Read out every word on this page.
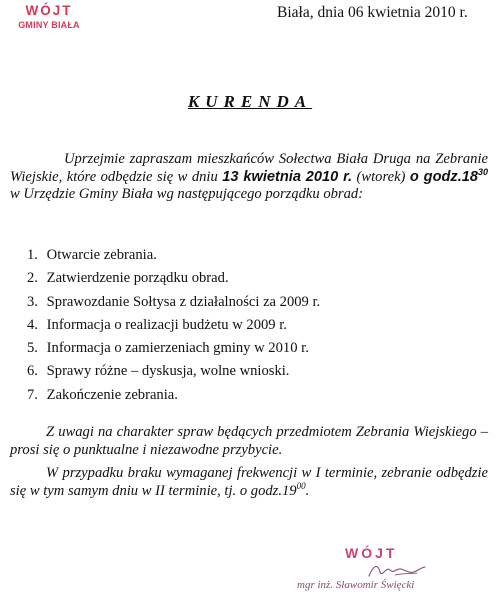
WÓJT
GMINY BIAŁA
Biała, dnia 06 kwietnia 2010 r.
KURENDA

Uprzejmie zapraszam mieszkańców Sołectwa Biała Druga na Zebranie Wiejskie, które odbędzie się w dniu 13 kwietnia 2010 r. (wtorek) o $godz.18^{30}$ w Urzędzie Gminy Biała wg następującego porządku obrad:

1. Otwarcie zebrania.
2. Zatwierdzenie porządku obrad.
3. Sprawozdanie Sołtysa z działalności za 2009 r.
4. Informacja o realizacji budżetu w 2009 r.
5. Informacja o zamierzeniach gminy w 2010 r.
6. Sprawy różne – dyskusja, wolne wnioski.
7. Zakończenie zebrania.

Z uwagi na charakter spraw będących przedmiotem Zebrania Wiejskiego – prosi się o punktualne i niezawodne przybycie.

W przypadku braku wymaganej frekwencji w I terminie, zebranie odbędzie się w tym samym dniu w II terminie, tj. o $godz.19^{00}$.

WÓJT
mgr inż. Sławomir Święcki
